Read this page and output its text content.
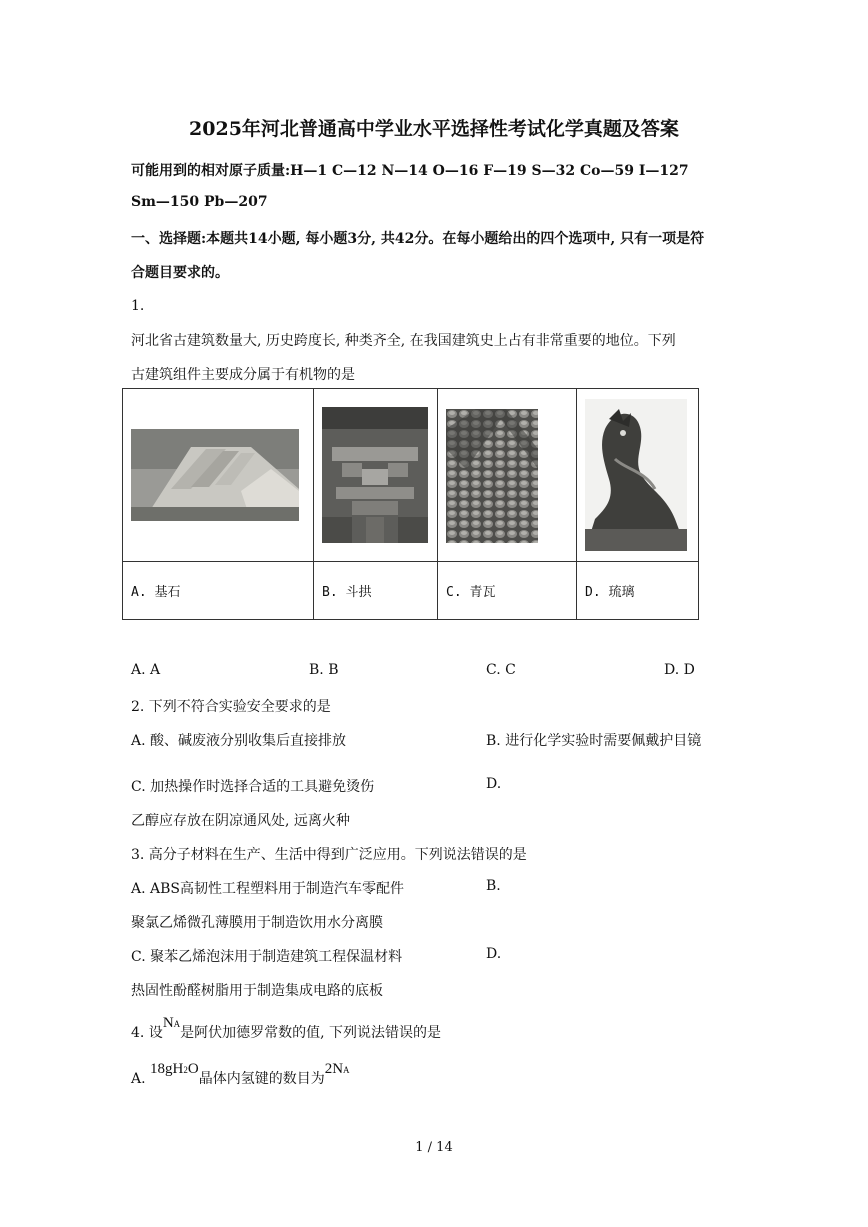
2025年河北普通高中学业水平选择性考试化学真题及答案
可能用到的相对原子质量:H—1 C—12 N—14 O—16 F—19 S—32 Co—59 I—127
Sm—150 Pb—207
一、选择题:本题共14小题, 每小题3分, 共42分。在每小题给出的四个选项中, 只有一项是符
合题目要求的。
1.
河北省古建筑数量大, 历史跨度长, 种类齐全, 在我国建筑史上占有非常重要的地位。下列
古建筑组件主要成分属于有机物的是

A. 基石	B. 斗拱	C. 青瓦	D. 琉璃
A. A	B. B	C. C	D. D
2. 下列不符合实验安全要求的是
A. 酸、碱废液分别收集后直接排放	B. 进行化学实验时需要佩戴护目镜
C. 加热操作时选择合适的工具避免烫伤	D.
乙醇应存放在阴凉通风处, 远离火种
3. 高分子材料在生产、生活中得到广泛应用。下列说法错误的是
A. ABS高韧性工程塑料用于制造汽车零配件	B.
聚氯乙烯微孔薄膜用于制造饮用水分离膜
C. 聚苯乙烯泡沫用于制造建筑工程保温材料	D.
热固性酚醛树脂用于制造集成电路的底板
4. 设NA是阿伏加德罗常数的值, 下列说法错误的是
A. 18gH2O晶体内氢键的数目为2NA
1 / 14
